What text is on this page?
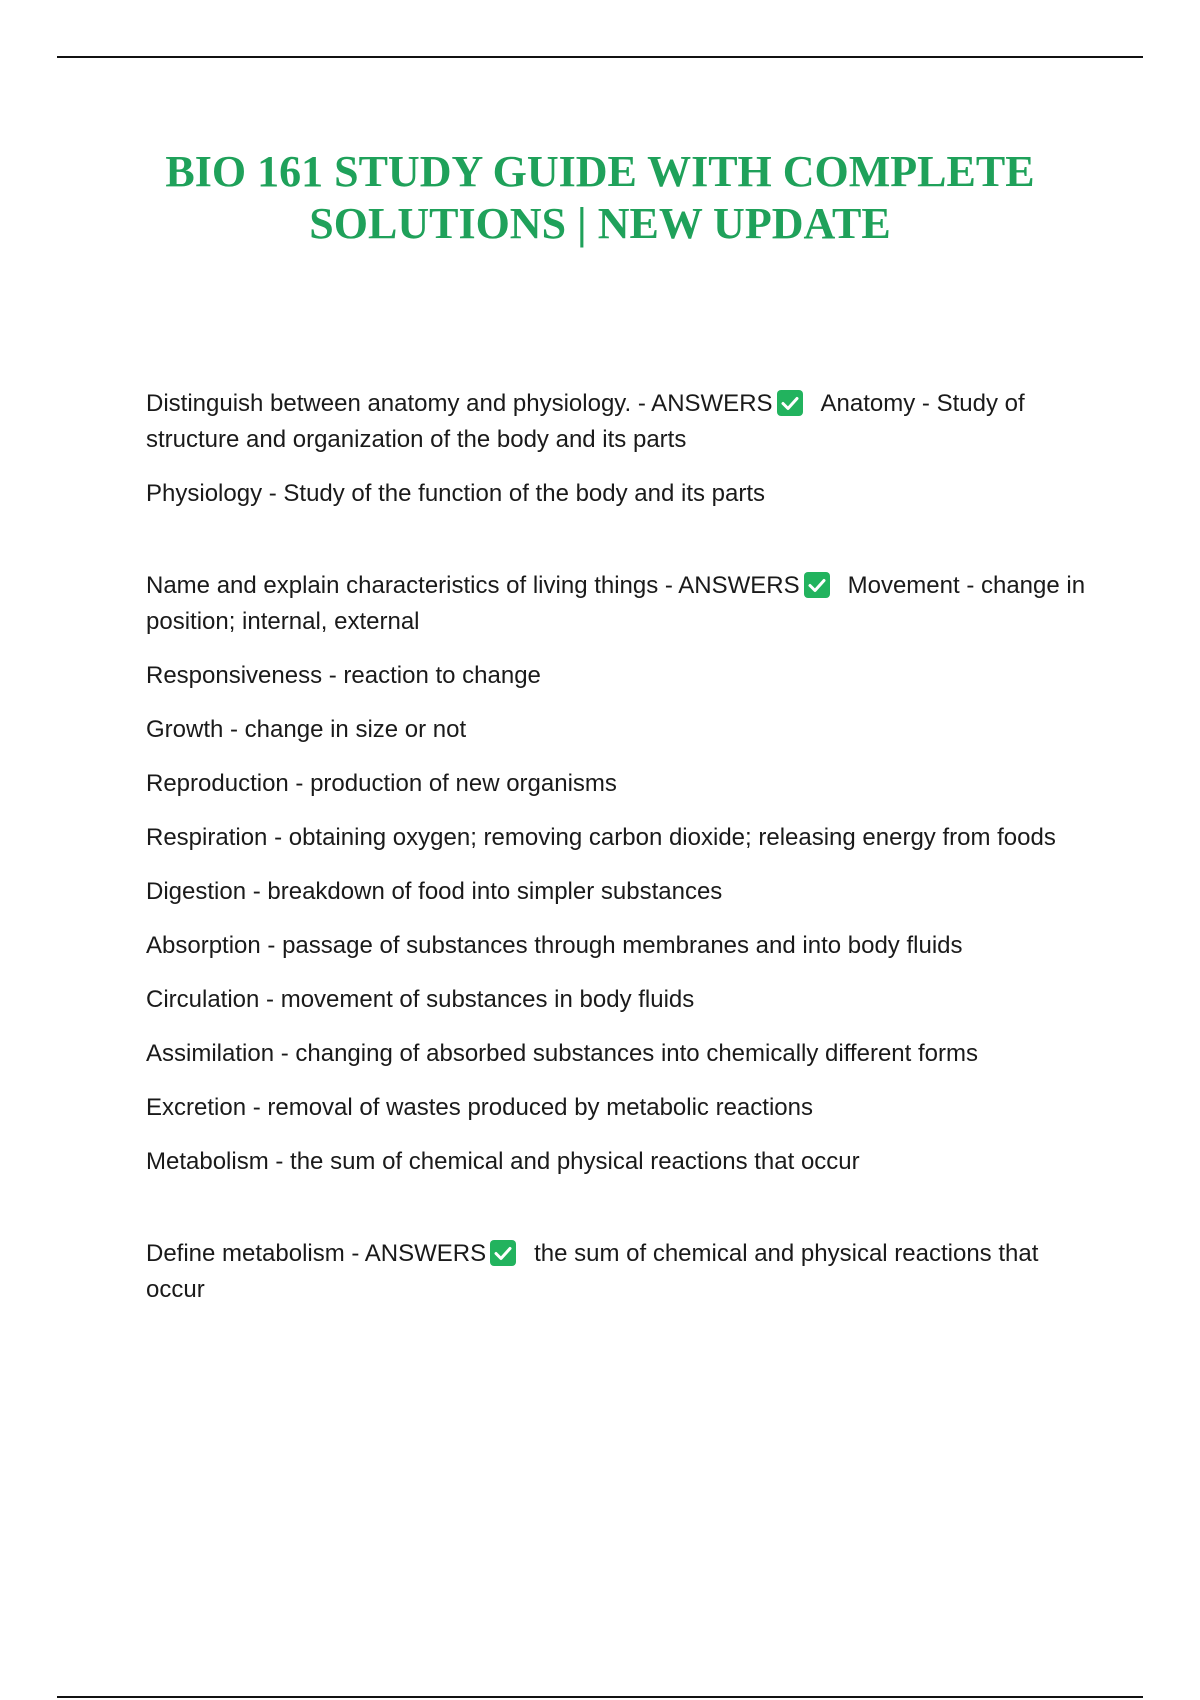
BIO 161 STUDY GUIDE WITH COMPLETE
SOLUTIONS | NEW UPDATE

Distinguish between anatomy and physiology. - ANSWERS Anatomy - Study of structure and organization of the body and its parts

Physiology - Study of the function of the body and its parts

Name and explain characteristics of living things - ANSWERS Movement - change in position; internal, external

Responsiveness - reaction to change

Growth - change in size or not

Reproduction - production of new organisms

Respiration - obtaining oxygen; removing carbon dioxide; releasing energy from foods

Digestion - breakdown of food into simpler substances

Absorption - passage of substances through membranes and into body fluids

Circulation - movement of substances in body fluids

Assimilation - changing of absorbed substances into chemically different forms

Excretion - removal of wastes produced by metabolic reactions

Metabolism - the sum of chemical and physical reactions that occur

Define metabolism - ANSWERS the sum of chemical and physical reactions that occur
